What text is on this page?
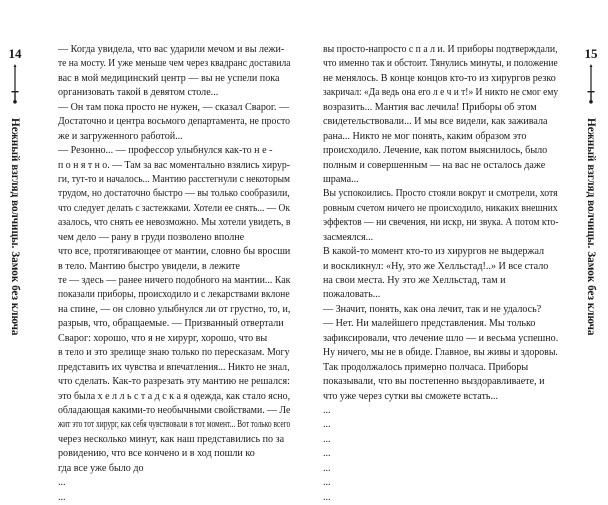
14
Нежный взгляд волчицы. Замок без ключа
— Когда увидела, что вас ударили мечом и вы лежи-
те на мосту. И уже меньше чем через квадранс доставила
вас в мой медицинский центр — вы не успели пока
организовать такой в девятом столе...
— Он там пока просто не нужен, — сказал Сварог. —
Достаточно и центра восьмого департамента, не просто
же и загруженного работой...
— Резонно... — профессор улыбнулся как-то н е -
п о н я т н о. — Там за вас моментально взялись хирур-
ги, тут-то и началось... Мантию расстегнули с некоторым
трудом, но достаточно быстро — вы только сообразили,
что следует делать с застежками. Хотели ее снять... — Ок
азалось, что снять ее невозможно. Мы хотели увидеть, в
чем дело — рану в груди позволено вполне
что все, протягивающее от мантии, словно бы вросши
в тело. Мантию быстро увидели, в лежите
те — здесь — ранее ничего подобного на мантии... Как
показали приборы, происходило и с лекарствами вклоне
на спине, — он словно улыбнулся ли от грустно, то, и,
разрыв, что, обращаемые. — Призванный отвертали
Сварог: хорошо, что я не хирург, хорошо, что вы
в тело и это зрелище знаю только по пересказам. Могу
представить их чувства и впечатления... Никто не знал,
что сделать. Как-то разрезать эту мантию не решался:
это была х е л л ь с т а д с к а я одежда, как стало ясно,
обладающая какими-то необычными свойствами. — Ле
жит это тот хирург, как себя чувствовали в тот момент... Вот только всего
через несколько минут, как наш представились по за
ровидению, что все кончено и в ход пошли ко
гда все уже было до
...
...
вы просто-напросто с п а л и. И приборы подтверждали,
что именно так и обстоит. Тянулись минуты, и положение
не менялось. В конце концов кто-то из хирургов резко
закричал: «Да ведь она его л е ч и т!» И никто не смог ему
возразить... Мантия вас лечила! Приборы об этом
свидетельствовали... И мы все видели, как заживала
рана... Никто не мог понять, каким образом это
происходило. Лечение, как потом выяснилось, было
полным и совершенным — на вас не осталось даже
шрама...
Вы успокоились. Просто стояли вокруг и смотрели, хотя
ровным счетом ничего не происходило, никаких внешних
эффектов — ни свечения, ни искр, ни звука. А потом кто-
засмеялся...
В какой-то момент кто-то из хирургов не выдержал
и воскликнул: «Ну, это же Хелльстад!..» И все стало
на свои места. Ну это же Хелльстад, там и
пожаловать...
— Значит, понять, как она лечит, так и не удалось?
— Нет. Ни малейшего представления. Мы только
зафиксировали, что лечение шло — и весьма успешно.
Ну ничего, мы не в обиде. Главное, вы живы и здоровы.
Так продолжалось примерно полчаса. Приборы
показывали, что вы постепенно выздоравливаете, и
что уже через сутки вы сможете встать...
...
...
...
...
...
...
...
15
Нежный взгляд волчицы. Замок без ключа
